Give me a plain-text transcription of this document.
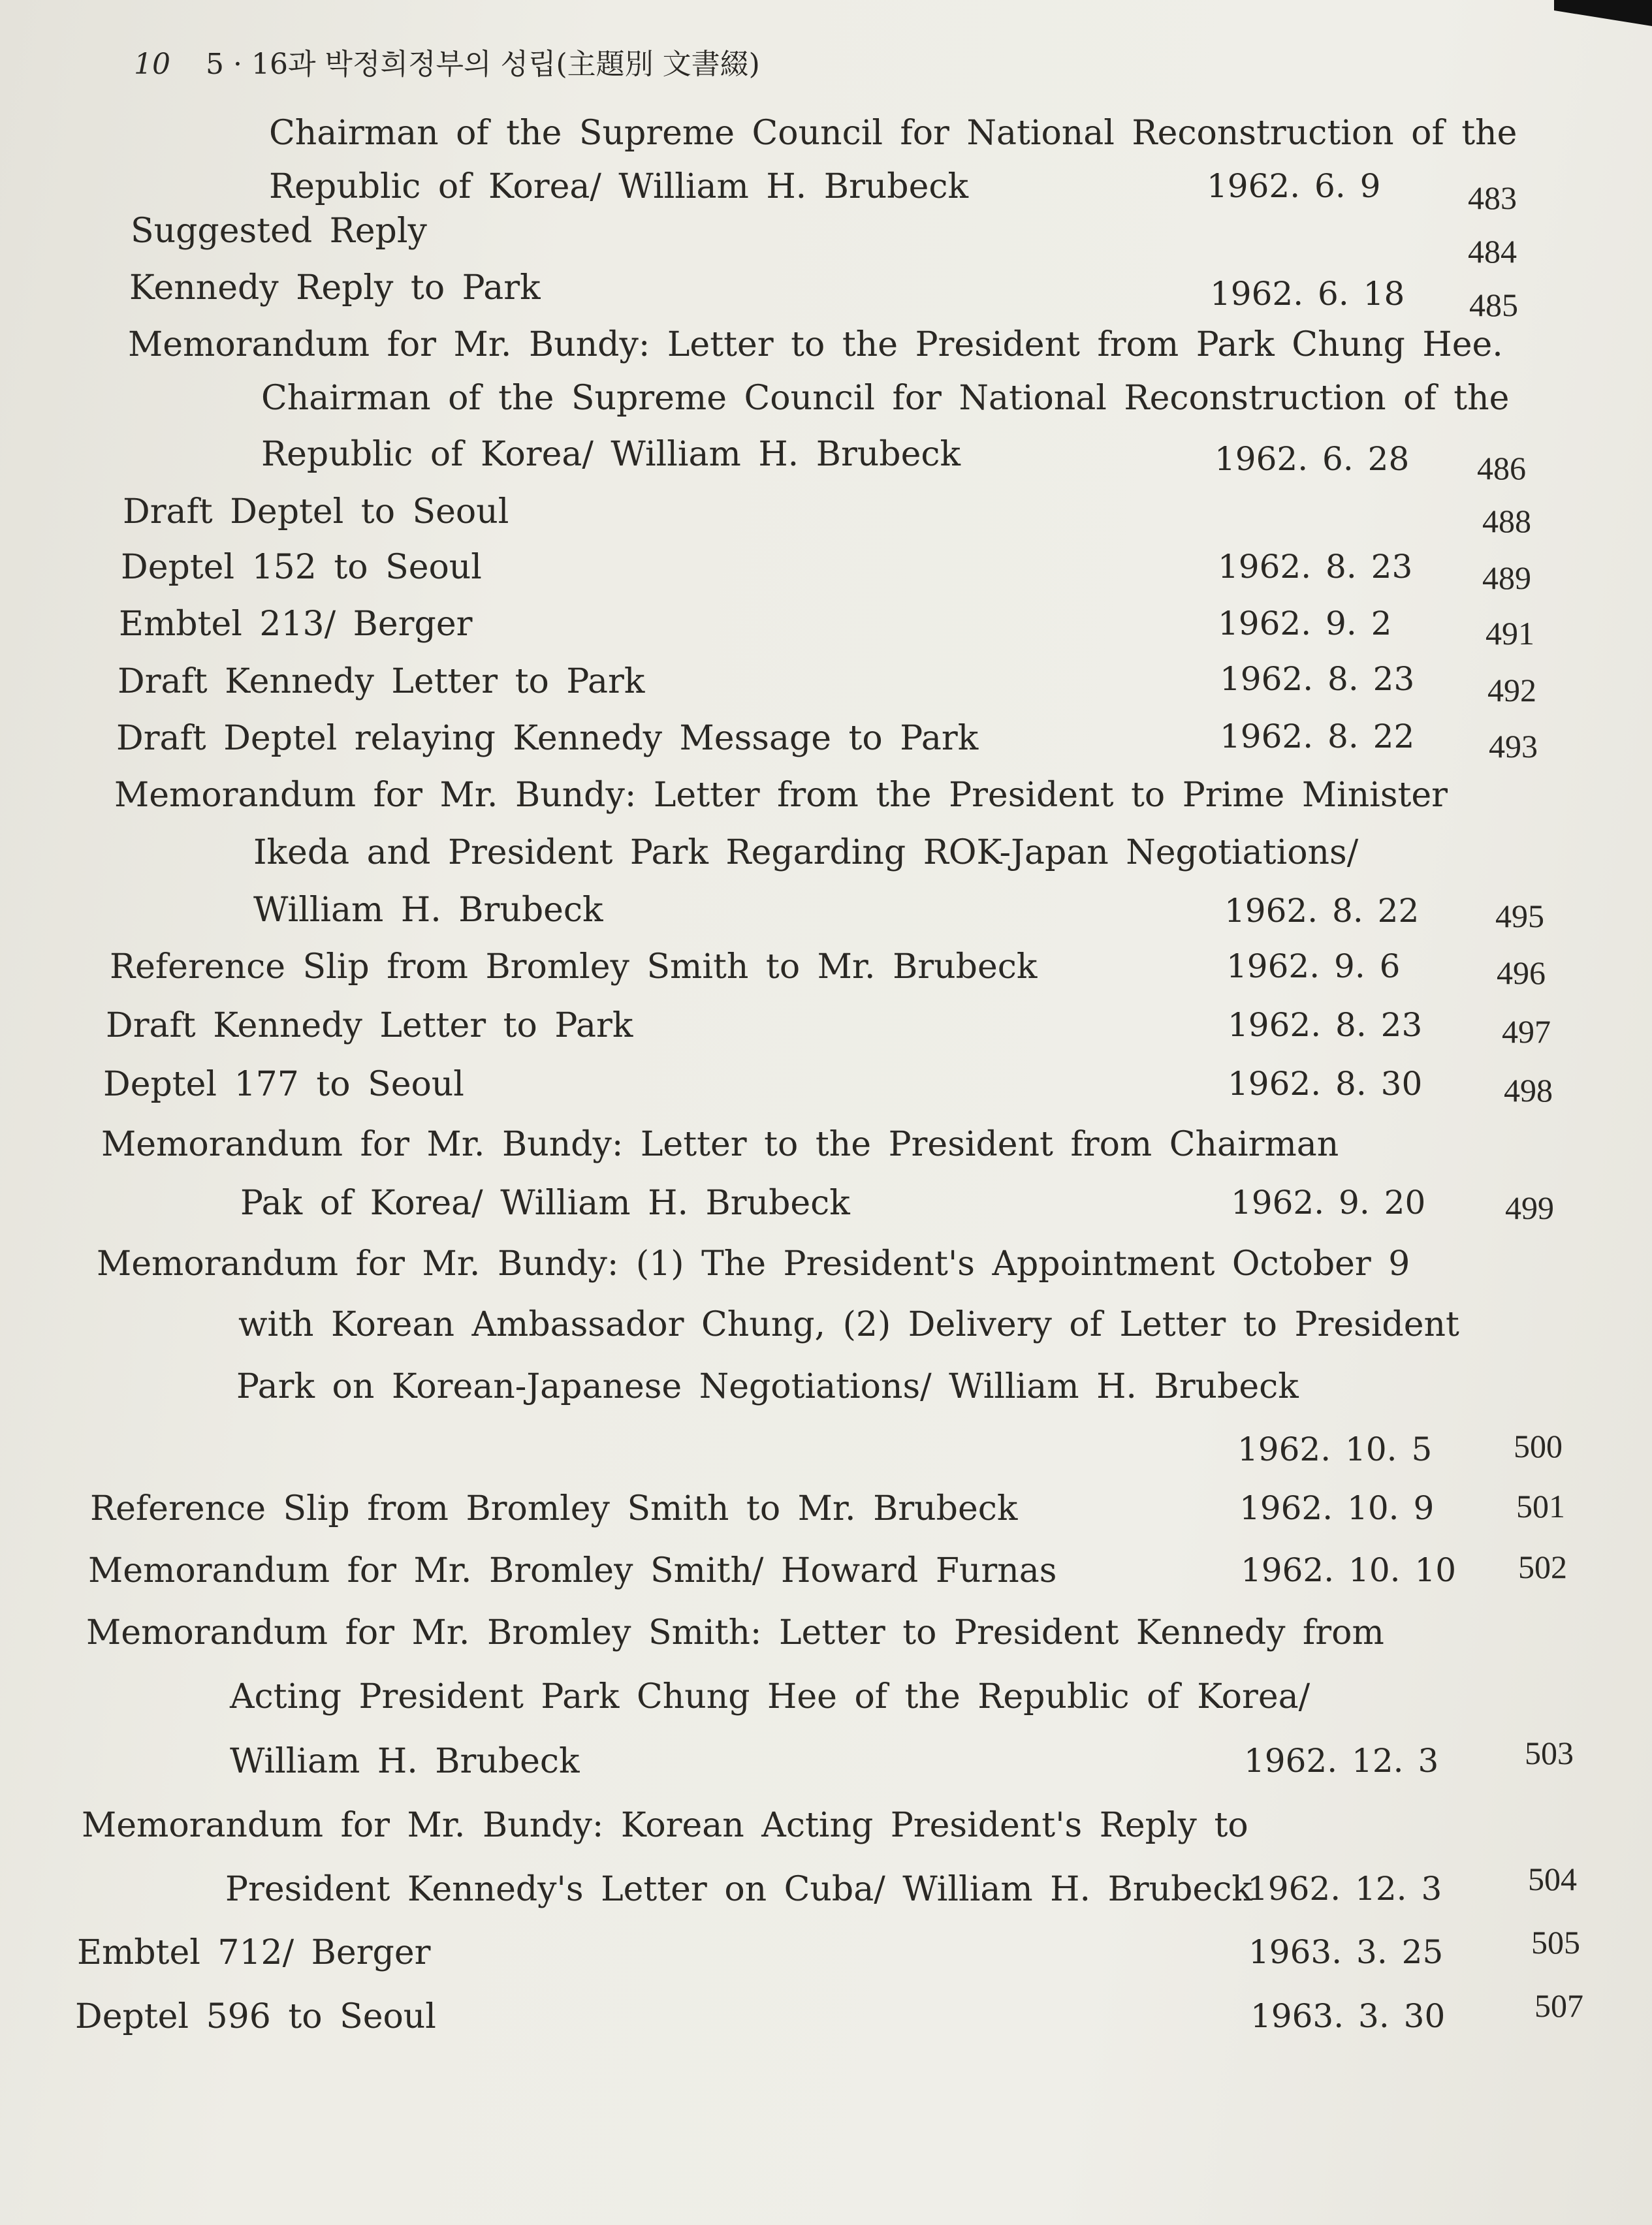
10 5 · 16과 박정희정부의 성립(主題別 文書綴)
Chairman of the Supreme Council for National Reconstruction of the
Republic of Korea/ William H. Brubeck	1962. 6. 9	483
Suggested Reply
484
Kennedy Reply to Park	1962. 6. 18 485
Memorandum for Mr. Bundy: Letter to the President from Park Chung Hee.
Chairman of the Supreme Council for National Reconstruction of the
Republic of Korea/ William H. Brubeck	1962. 6. 28 486
Draft Deptel to Seoul	488
Deptel 152 to Seoul	1962. 8. 23 489
Embtel 213/ Berger	1962. 9. 2	491
Draft Kennedy Letter to Park	1962. 8. 23 492
Draft Deptel relaying Kennedy Message to Park	1962. 8. 22 493
Memorandum for Mr. Bundy: Letter from the President to Prime Minister
Ikeda and President Park Regarding ROK-Japan Negotiations/
William H. Brubeck	1962. 8. 22 495
Reference Slip from Bromley Smith to Mr. Brubeck	1962. 9. 6	496
Draft Kennedy Letter to Park	1962. 8. 23 497
Deptel 177 to Seoul	1962. 8. 30 498
Memorandum for Mr. Bundy: Letter to the President from Chairman
Pak of Korea/ William H. Brubeck	1962. 9. 20 499
Memorandum for Mr. Bundy: (1) The President's Appointment October 9
with Korean Ambassador Chung, (2) Delivery of Letter to President
Park on Korean-Japanese Negotiations/ William H. Brubeck
1962. 10. 5 500
Reference Slip from Bromley Smith to Mr. Brubeck	1962. 10. 9	501
Memorandum for Mr. Bromley Smith/ Howard Furnas	1962. 10. 10 502
Memorandum for Mr. Bromley Smith: Letter to President Kennedy from
Acting President Park Chung Hee of the Republic of Korea/
William H. Brubeck	1962. 12. 3	503
Memorandum for Mr. Bundy: Korean Acting President's Reply to
President Kennedy's Letter on Cuba/ William H. Brubeck
1962. 12. 3	504
Embtel 712/ Berger	1963. 3. 25	505
Deptel 596 to Seoul	1963. 3. 30	507
